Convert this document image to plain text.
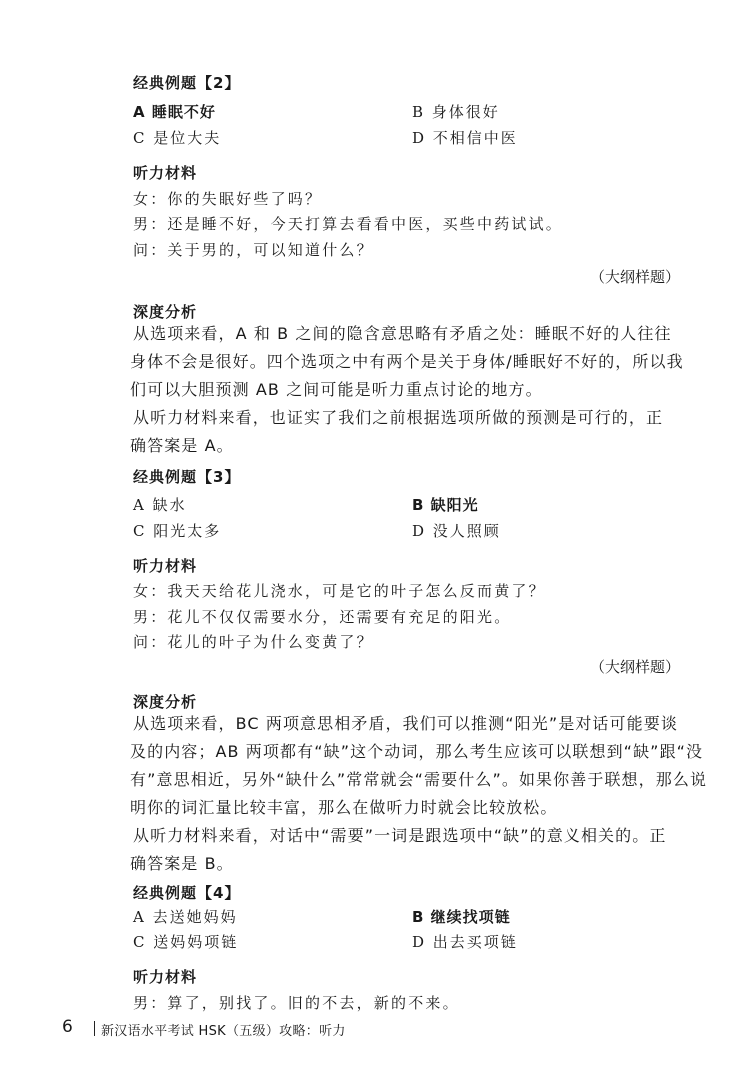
经典例题【2】
A 睡眠不好	B 身体很好
C 是位大夫	D 不相信中医
听力材料
女：你的失眠好些了吗？
男：还是睡不好，今天打算去看看中医，买些中药试试。
问：关于男的，可以知道什么？
（大纲样题）
深度分析
从选项来看，A 和 B 之间的隐含意思略有矛盾之处：睡眠不好的人往往
身体不会是很好。四个选项之中有两个是关于身体/睡眠好不好的，所以我
们可以大胆预测 AB 之间可能是听力重点讨论的地方。
从听力材料来看，也证实了我们之前根据选项所做的预测是可行的，正
确答案是 A。
经典例题【3】
A 缺水	B 缺阳光
C 阳光太多	D 没人照顾
听力材料
女：我天天给花儿浇水，可是它的叶子怎么反而黄了？
男：花儿不仅仅需要水分，还需要有充足的阳光。
问：花儿的叶子为什么变黄了？
（大纲样题）
深度分析
从选项来看，BC 两项意思相矛盾，我们可以推测“阳光”是对话可能要谈
及的内容；AB 两项都有“缺”这个动词，那么考生应该可以联想到“缺”跟“没
有”意思相近，另外“缺什么”常常就会“需要什么”。如果你善于联想，那么说
明你的词汇量比较丰富，那么在做听力时就会比较放松。
从听力材料来看，对话中“需要”一词是跟选项中“缺”的意义相关的。正
确答案是 B。
经典例题【4】
A 去送她妈妈	B 继续找项链
C 送妈妈项链	D 出去买项链
听力材料
男：算了，别找了。旧的不去，新的不来。
6 新汉语水平考试 HSK（五级）攻略：听力
